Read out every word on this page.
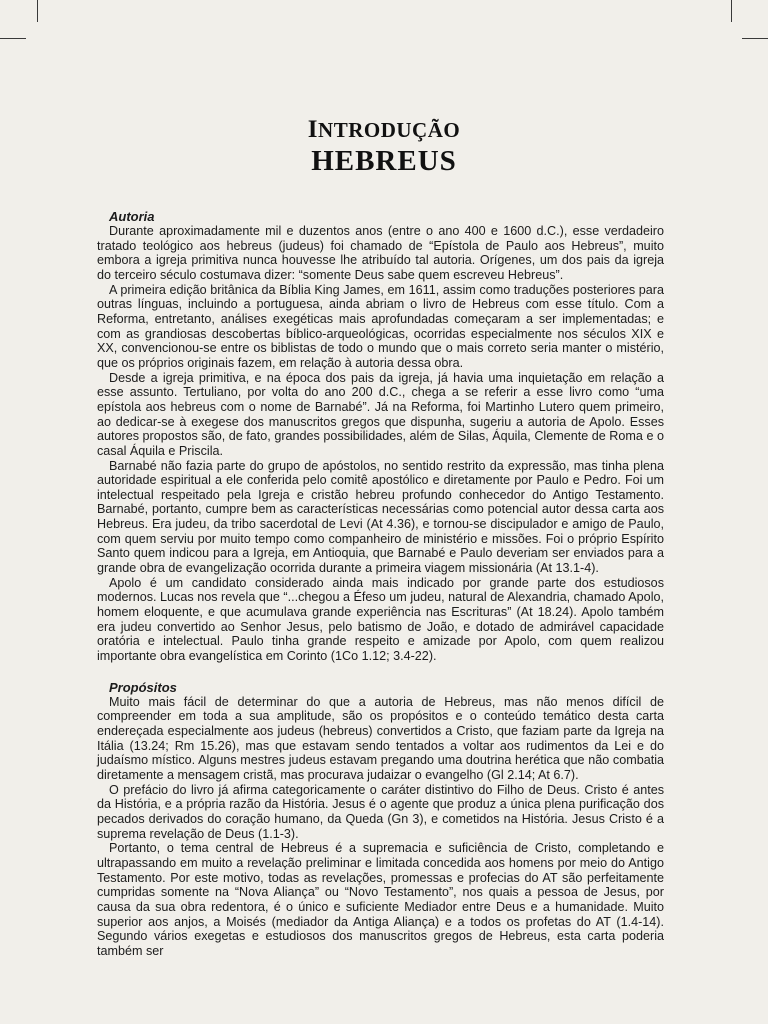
INTRODUÇÃO
HEBREUS
Autoria

Durante aproximadamente mil e duzentos anos (entre o ano 400 e 1600 d.C.), esse verdadeiro tratado teológico aos hebreus (judeus) foi chamado de “Epístola de Paulo aos Hebreus”, muito embora a igreja primitiva nunca houvesse lhe atribuído tal autoria. Orígenes, um dos pais da igreja do terceiro século costumava dizer: “somente Deus sabe quem escreveu Hebreus”.

A primeira edição britânica da Bíblia King James, em 1611, assim como traduções posteriores para outras línguas, incluindo a portuguesa, ainda abriam o livro de Hebreus com esse título. Com a Reforma, entretanto, análises exegéticas mais aprofundadas começaram a ser implementadas; e com as grandiosas descobertas bíblico-arqueológicas, ocorridas especialmente nos séculos XIX e XX, convencionou-se entre os biblistas de todo o mundo que o mais correto seria manter o mistério, que os próprios originais fazem, em relação à autoria dessa obra.

Desde a igreja primitiva, e na época dos pais da igreja, já havia uma inquietação em relação a esse assunto. Tertuliano, por volta do ano 200 d.C., chega a se referir a esse livro como “uma epístola aos hebreus com o nome de Barnabé”. Já na Reforma, foi Martinho Lutero quem primeiro, ao dedicar-se à exegese dos manuscritos gregos que dispunha, sugeriu a autoria de Apolo. Esses autores propostos são, de fato, grandes possibilidades, além de Silas, Áquila, Clemente de Roma e o casal Áquila e Priscila.

Barnabé não fazia parte do grupo de apóstolos, no sentido restrito da expressão, mas tinha plena autoridade espiritual a ele conferida pelo comitê apostólico e diretamente por Paulo e Pedro. Foi um intelectual respeitado pela Igreja e cristão hebreu profundo conhecedor do Antigo Testamento. Barnabé, portanto, cumpre bem as características necessárias como potencial autor dessa carta aos Hebreus. Era judeu, da tribo sacerdotal de Levi (At 4.36), e tornou-se discipulador e amigo de Paulo, com quem serviu por muito tempo como companheiro de ministério e missões. Foi o próprio Espírito Santo quem indicou para a Igreja, em Antioquia, que Barnabé e Paulo deveriam ser enviados para a grande obra de evangelização ocorrida durante a primeira viagem missionária (At 13.1-4).

Apolo é um candidato considerado ainda mais indicado por grande parte dos estudiosos modernos. Lucas nos revela que “...chegou a Éfeso um judeu, natural de Alexandria, chamado Apolo, homem eloquente, e que acumulava grande experiência nas Escrituras” (At 18.24). Apolo também era judeu convertido ao Senhor Jesus, pelo batismo de João, e dotado de admirável capacidade oratória e intelectual. Paulo tinha grande respeito e amizade por Apolo, com quem realizou importante obra evangelística em Corinto (1Co 1.12; 3.4-22).

Propósitos

Muito mais fácil de determinar do que a autoria de Hebreus, mas não menos difícil de compreender em toda a sua amplitude, são os propósitos e o conteúdo temático desta carta endereçada especialmente aos judeus (hebreus) convertidos a Cristo, que faziam parte da Igreja na Itália (13.24; Rm 15.26), mas que estavam sendo tentados a voltar aos rudimentos da Lei e do judaísmo místico. Alguns mestres judeus estavam pregando uma doutrina herética que não combatia diretamente a mensagem cristã, mas procurava judaizar o evangelho (Gl 2.14; At 6.7).

O prefácio do livro já afirma categoricamente o caráter distintivo do Filho de Deus. Cristo é antes da História, e a própria razão da História. Jesus é o agente que produz a única plena purificação dos pecados derivados do coração humano, da Queda (Gn 3), e cometidos na História. Jesus Cristo é a suprema revelação de Deus (1.1-3).

Portanto, o tema central de Hebreus é a supremacia e suficiência de Cristo, completando e ultrapassando em muito a revelação preliminar e limitada concedida aos homens por meio do Antigo Testamento. Por este motivo, todas as revelações, promessas e profecias do AT são perfeitamente cumpridas somente na “Nova Aliança” ou “Novo Testamento”, nos quais a pessoa de Jesus, por causa da sua obra redentora, é o único e suficiente Mediador entre Deus e a humanidade. Muito superior aos anjos, a Moisés (mediador da Antiga Aliança) e a todos os profetas do AT (1.4-14). Segundo vários exegetas e estudiosos dos manuscritos gregos de Hebreus, esta carta poderia também ser
